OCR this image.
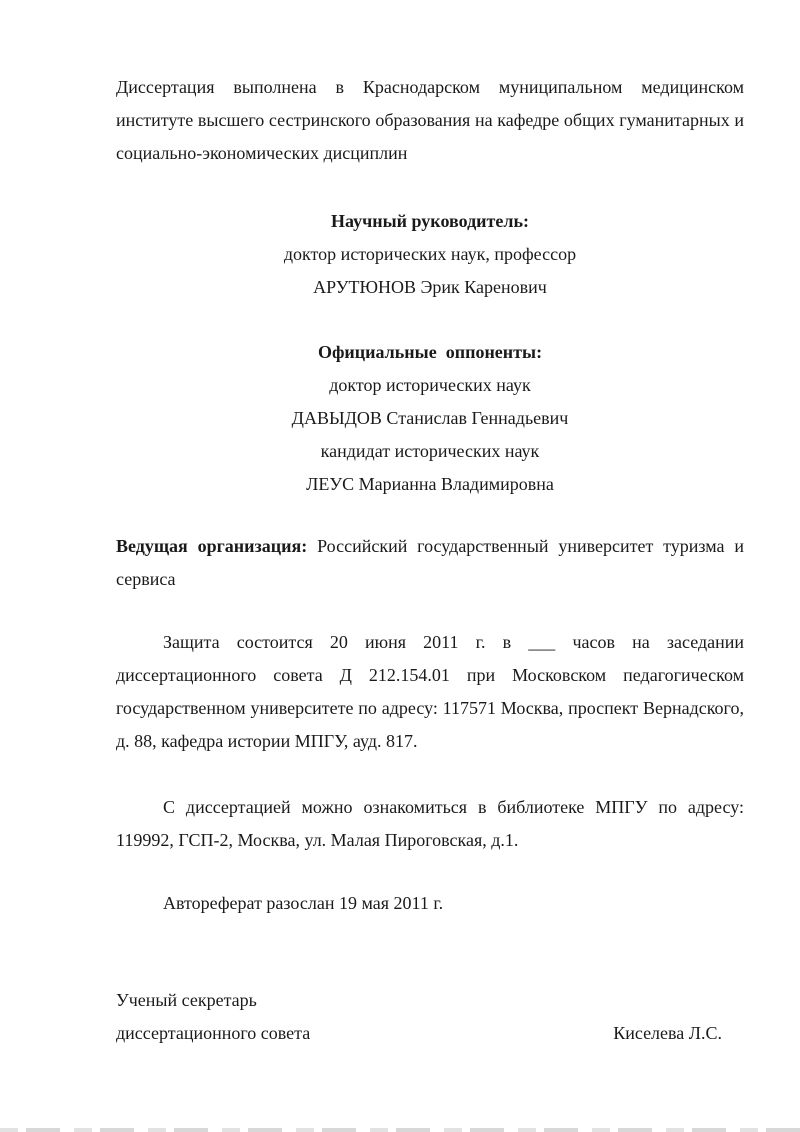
Диссертация выполнена в Краснодарском муниципальном медицинском институте высшего сестринского образования на кафедре общих гуманитарных и социально-экономических дисциплин
Научный руководитель:
доктор исторических наук, профессор
АРУТЮНОВ Эрик Каренович
Официальные  оппоненты:
доктор исторических наук
ДАВЫДОВ Станислав Геннадьевич
кандидат исторических наук
ЛЕУС Марианна Владимировна
Ведущая организация: Российский государственный университет туризма и сервиса
Защита состоится 20 июня 2011 г. в ___ часов на заседании диссертационного совета Д 212.154.01 при Московском педагогическом государственном университете по адресу: 117571 Москва, проспект Вернадского, д. 88, кафедра истории МПГУ, ауд. 817.
С диссертацией можно ознакомиться в библиотеке МПГУ по адресу: 119992, ГСП-2, Москва, ул. Малая Пироговская, д.1.
Автореферат разослан 19 мая 2011 г.
Ученый секретарь
диссертационного совета	Киселева Л.С.
